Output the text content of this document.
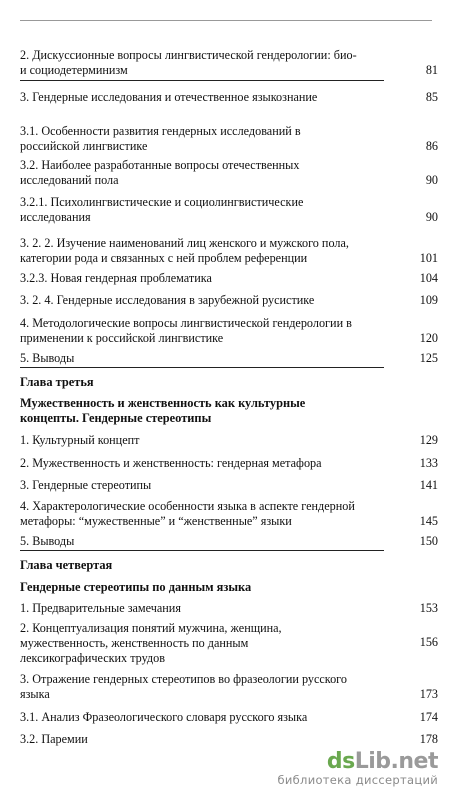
2. Дискуссионные вопросы лингвистической гендерологии: био-
и социодетерминизм	81
3. Гендерные исследования и отечественное языкознание	85
3.1. Особенности развития гендерных исследований в
российской лингвистике	86
3.2. Наиболее разработанные вопросы отечественных
исследований пола	90
3.2.1. Психолингвистические и социолингвистические
исследования	90
3. 2. 2. Изучение наименований лиц женского и мужского пола,
категории рода и связанных с ней проблем референции	101
3.2.3. Новая гендерная проблематика	104
3. 2. 4. Гендерные исследования в зарубежной русистике	109
4. Методологические вопросы лингвистической гендерологии в
применении к российской лингвистике	120
5. Выводы	125
Глава третья
Мужественность и женственность как культурные
концепты. Гендерные стереотипы
1. Культурный концепт	129
2. Мужественность и женственность: гендерная метафора	133
3. Гендерные стереотипы	141
4. Характерологические особенности языка в аспекте гендерной
метафоры: “мужественные” и “женственные” языки	145
5. Выводы	150
Глава четвертая
Гендерные стереотипы по данным языка
1. Предварительные замечания	153
2. Концептуализация понятий мужчина, женщина,
мужественность, женственность по данным
лексикографических трудов
156
3. Отражение гендерных стереотипов во фразеологии русского
языка	173
3.1. Анализ Фразеологического словаря русского языка	174
3.2. Паремии	178
dsLib.net
библиотека диссертаций
